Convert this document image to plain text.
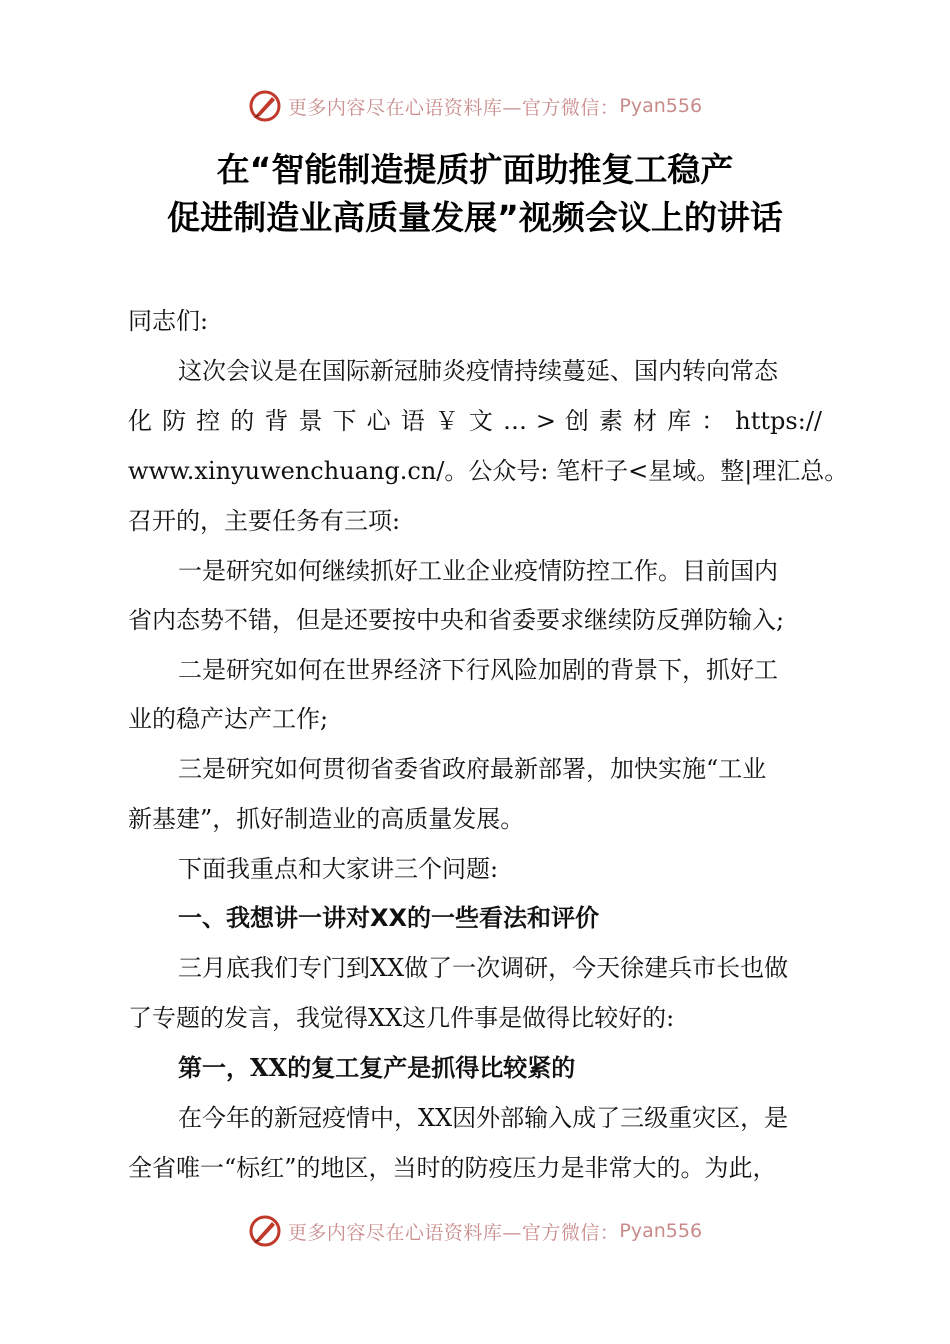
更多内容尽在心语资料库—官方微信： Pyan556
在“智能制造提质扩面助推复工稳产
促进制造业高质量发展”视频会议上的讲话
同志们:
这次会议是在国际新冠肺炎疫情持续蔓延、国内转向常态
化 防 控 的 背 景 下 心 语 ￥ 文 … > 创 素 材 库 ： https://
www.xinyuwenchuang.cn/。公众号: 笔杆子<星域。整|理汇总。
召开的，主要任务有三项:
一是研究如何继续抓好工业企业疫情防控工作。目前国内
省内态势不错，但是还要按中央和省委要求继续防反弹防输入;
二是研究如何在世界经济下行风险加剧的背景下，抓好工
业的稳产达产工作;
三是研究如何贯彻省委省政府最新部署，加快实施“工业
新基建”，抓好制造业的高质量发展。
下面我重点和大家讲三个问题:
一、我想讲一讲对XX的一些看法和评价
三月底我们专门到XX做了一次调研，今天徐建兵市长也做
了专题的发言，我觉得XX这几件事是做得比较好的:
第一，XX的复工复产是抓得比较紧的
在今年的新冠疫情中，XX因外部输入成了三级重灾区，是
全省唯一“标红”的地区，当时的防疫压力是非常大的。为此，
更多内容尽在心语资料库—官方微信： Pyan556
